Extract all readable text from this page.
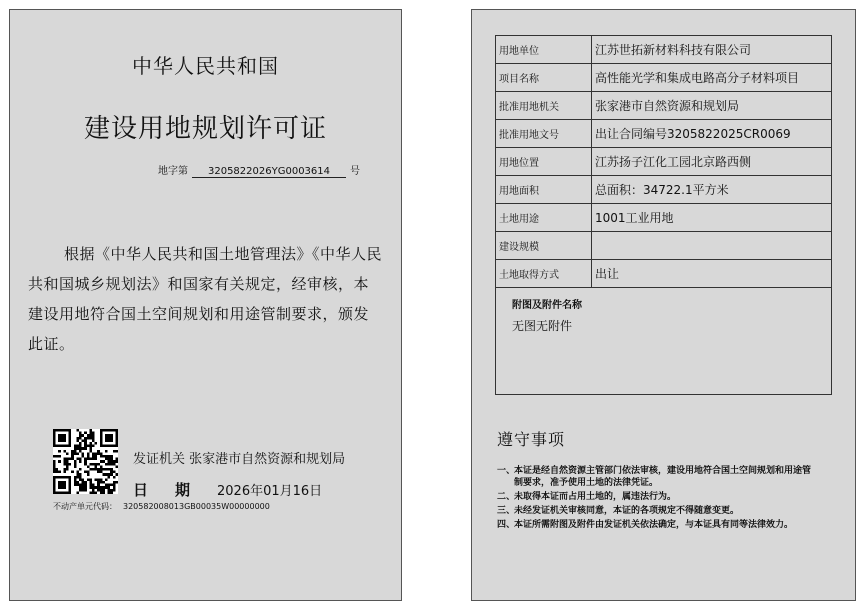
中华人民共和国
建设用地规划许可证
地字第 3205822026YG0003614 号
根据《中华人民共和国土地管理法》《中华人民共和国城乡规划法》和国家有关规定，经审核，本建设用地符合国土空间规划和用途管制要求，颁发此证。
发证机关 张家港市自然资源和规划局
日期2026年01月16日
不动产单元代码： 320582008013GB00035W00000000
用地单位	江苏世拓新材料科技有限公司
项目名称	高性能光学和集成电路高分子材料项目
批准用地机关	张家港市自然资源和规划局
批准用地文号	出让合同编号3205822025CR0069
用地位置	江苏扬子江化工园北京路西侧
用地面积	总面积：34722.1平方米
土地用途	1001工业用地
建设规模	
土地取得方式	出让

附图及附件名称
无图无附件	
遵守事项
一、
本证是经自然资源主管部门依法审核，建设用地符合国土空间规划和用途管制要求，准予使用土地的法律凭证。
二、
未取得本证而占用土地的，属违法行为。
三、
未经发证机关审核同意，本证的各项规定不得随意变更。
四、
本证所需附图及附件由发证机关依法确定，与本证具有同等法律效力。
